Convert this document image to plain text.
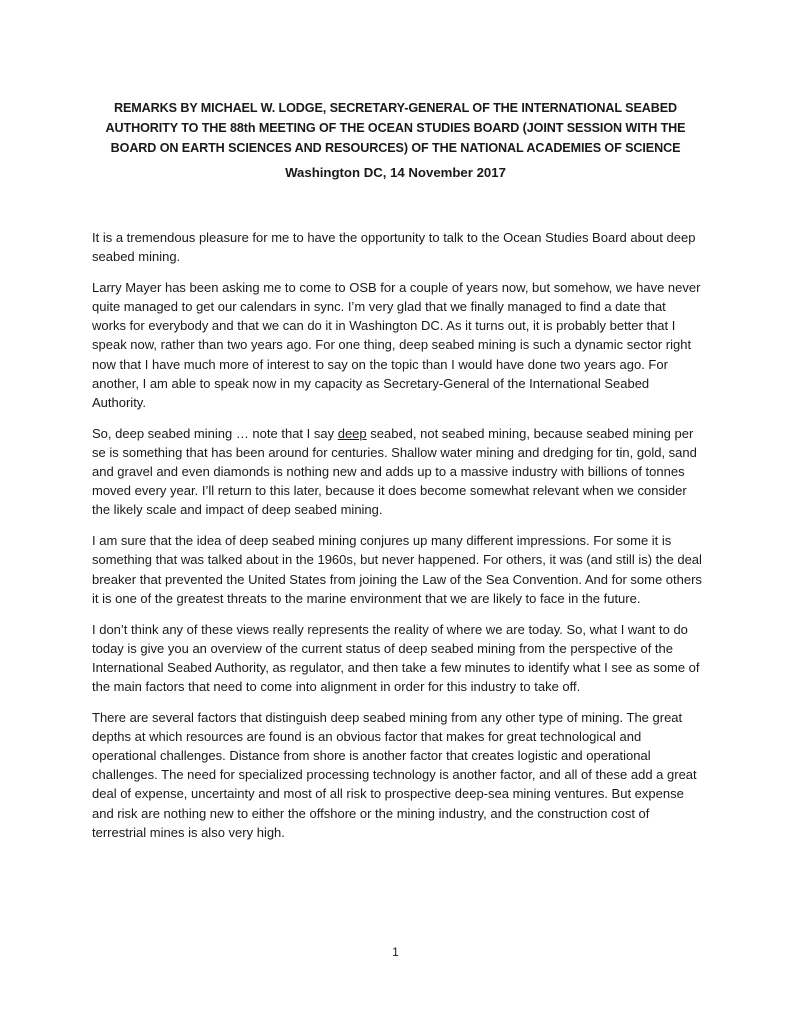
REMARKS BY MICHAEL W. LODGE, SECRETARY-GENERAL OF THE INTERNATIONAL SEABED AUTHORITY TO THE 88th MEETING OF THE OCEAN STUDIES BOARD (JOINT SESSION WITH THE BOARD ON EARTH SCIENCES AND RESOURCES) OF THE NATIONAL ACADEMIES OF SCIENCE
Washington DC, 14 November 2017

It is a tremendous pleasure for me to have the opportunity to talk to the Ocean Studies Board about deep seabed mining.

Larry Mayer has been asking me to come to OSB for a couple of years now, but somehow, we have never quite managed to get our calendars in sync. I’m very glad that we finally managed to find a date that works for everybody and that we can do it in Washington DC. As it turns out, it is probably better that I speak now, rather than two years ago. For one thing, deep seabed mining is such a dynamic sector right now that I have much more of interest to say on the topic than I would have done two years ago. For another, I am able to speak now in my capacity as Secretary-General of the International Seabed Authority.

So, deep seabed mining … note that I say deep seabed, not seabed mining, because seabed mining per se is something that has been around for centuries. Shallow water mining and dredging for tin, gold, sand and gravel and even diamonds is nothing new and adds up to a massive industry with billions of tonnes moved every year. I’ll return to this later, because it does become somewhat relevant when we consider the likely scale and impact of deep seabed mining.

I am sure that the idea of deep seabed mining conjures up many different impressions. For some it is something that was talked about in the 1960s, but never happened. For others, it was (and still is) the deal breaker that prevented the United States from joining the Law of the Sea Convention. And for some others it is one of the greatest threats to the marine environment that we are likely to face in the future.

I don’t think any of these views really represents the reality of where we are today. So, what I want to do today is give you an overview of the current status of deep seabed mining from the perspective of the International Seabed Authority, as regulator, and then take a few minutes to identify what I see as some of the main factors that need to come into alignment in order for this industry to take off.

There are several factors that distinguish deep seabed mining from any other type of mining. The great depths at which resources are found is an obvious factor that makes for great technological and operational challenges. Distance from shore is another factor that creates logistic and operational challenges. The need for specialized processing technology is another factor, and all of these add a great deal of expense, uncertainty and most of all risk to prospective deep-sea mining ventures. But expense and risk are nothing new to either the offshore or the mining industry, and the construction cost of terrestrial mines is also very high.

1
